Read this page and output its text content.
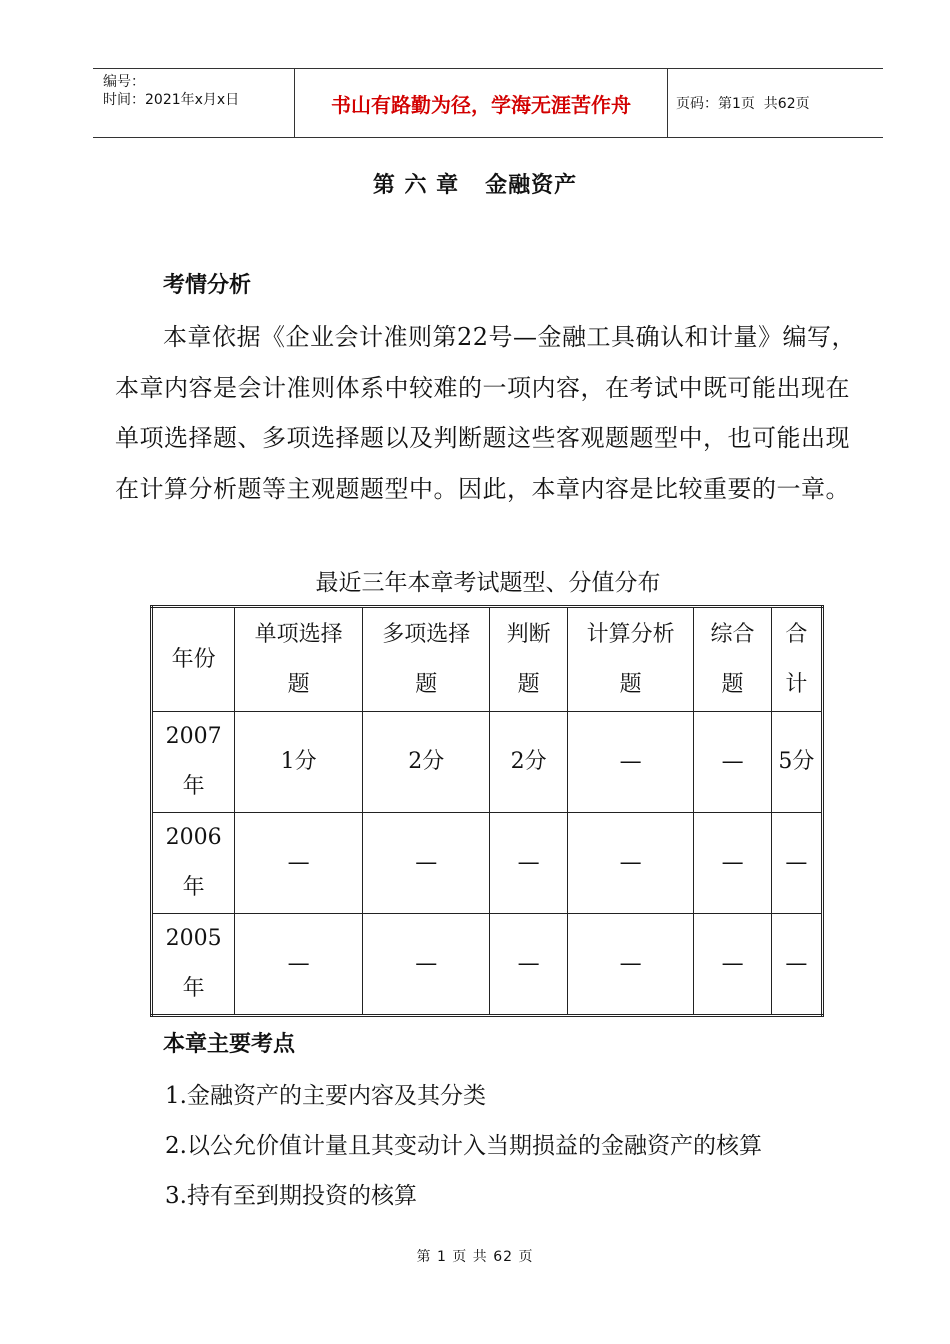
编号：
时间：2021年x月x日	书山有路勤为径，学海无涯苦作舟	页码：第1页  共62页
第 六 章   金融资产
考情分析
本章依据《企业会计准则第22号—金融工具确认和计量》编写，本章内容是会计准则体系中较难的一项内容，在考试中既可能出现在单项选择题、多项选择题以及判断题这些客观题题型中，也可能出现在计算分析题等主观题题型中。因此，本章内容是比较重要的一章。
最近三年本章考试题型、分值分布
年份	单项选择题	多项选择题	判断题	计算分析题	综合题	合计

2007年	1分	2分	2分	—	—	5分

2006年	—	—	—	—	—	—

2005年	—	—	—	—	—	—
本章主要考点
1.金融资产的主要内容及其分类
2.以公允价值计量且其变动计入当期损益的金融资产的核算
3.持有至到期投资的核算
第 1 页 共 62 页
